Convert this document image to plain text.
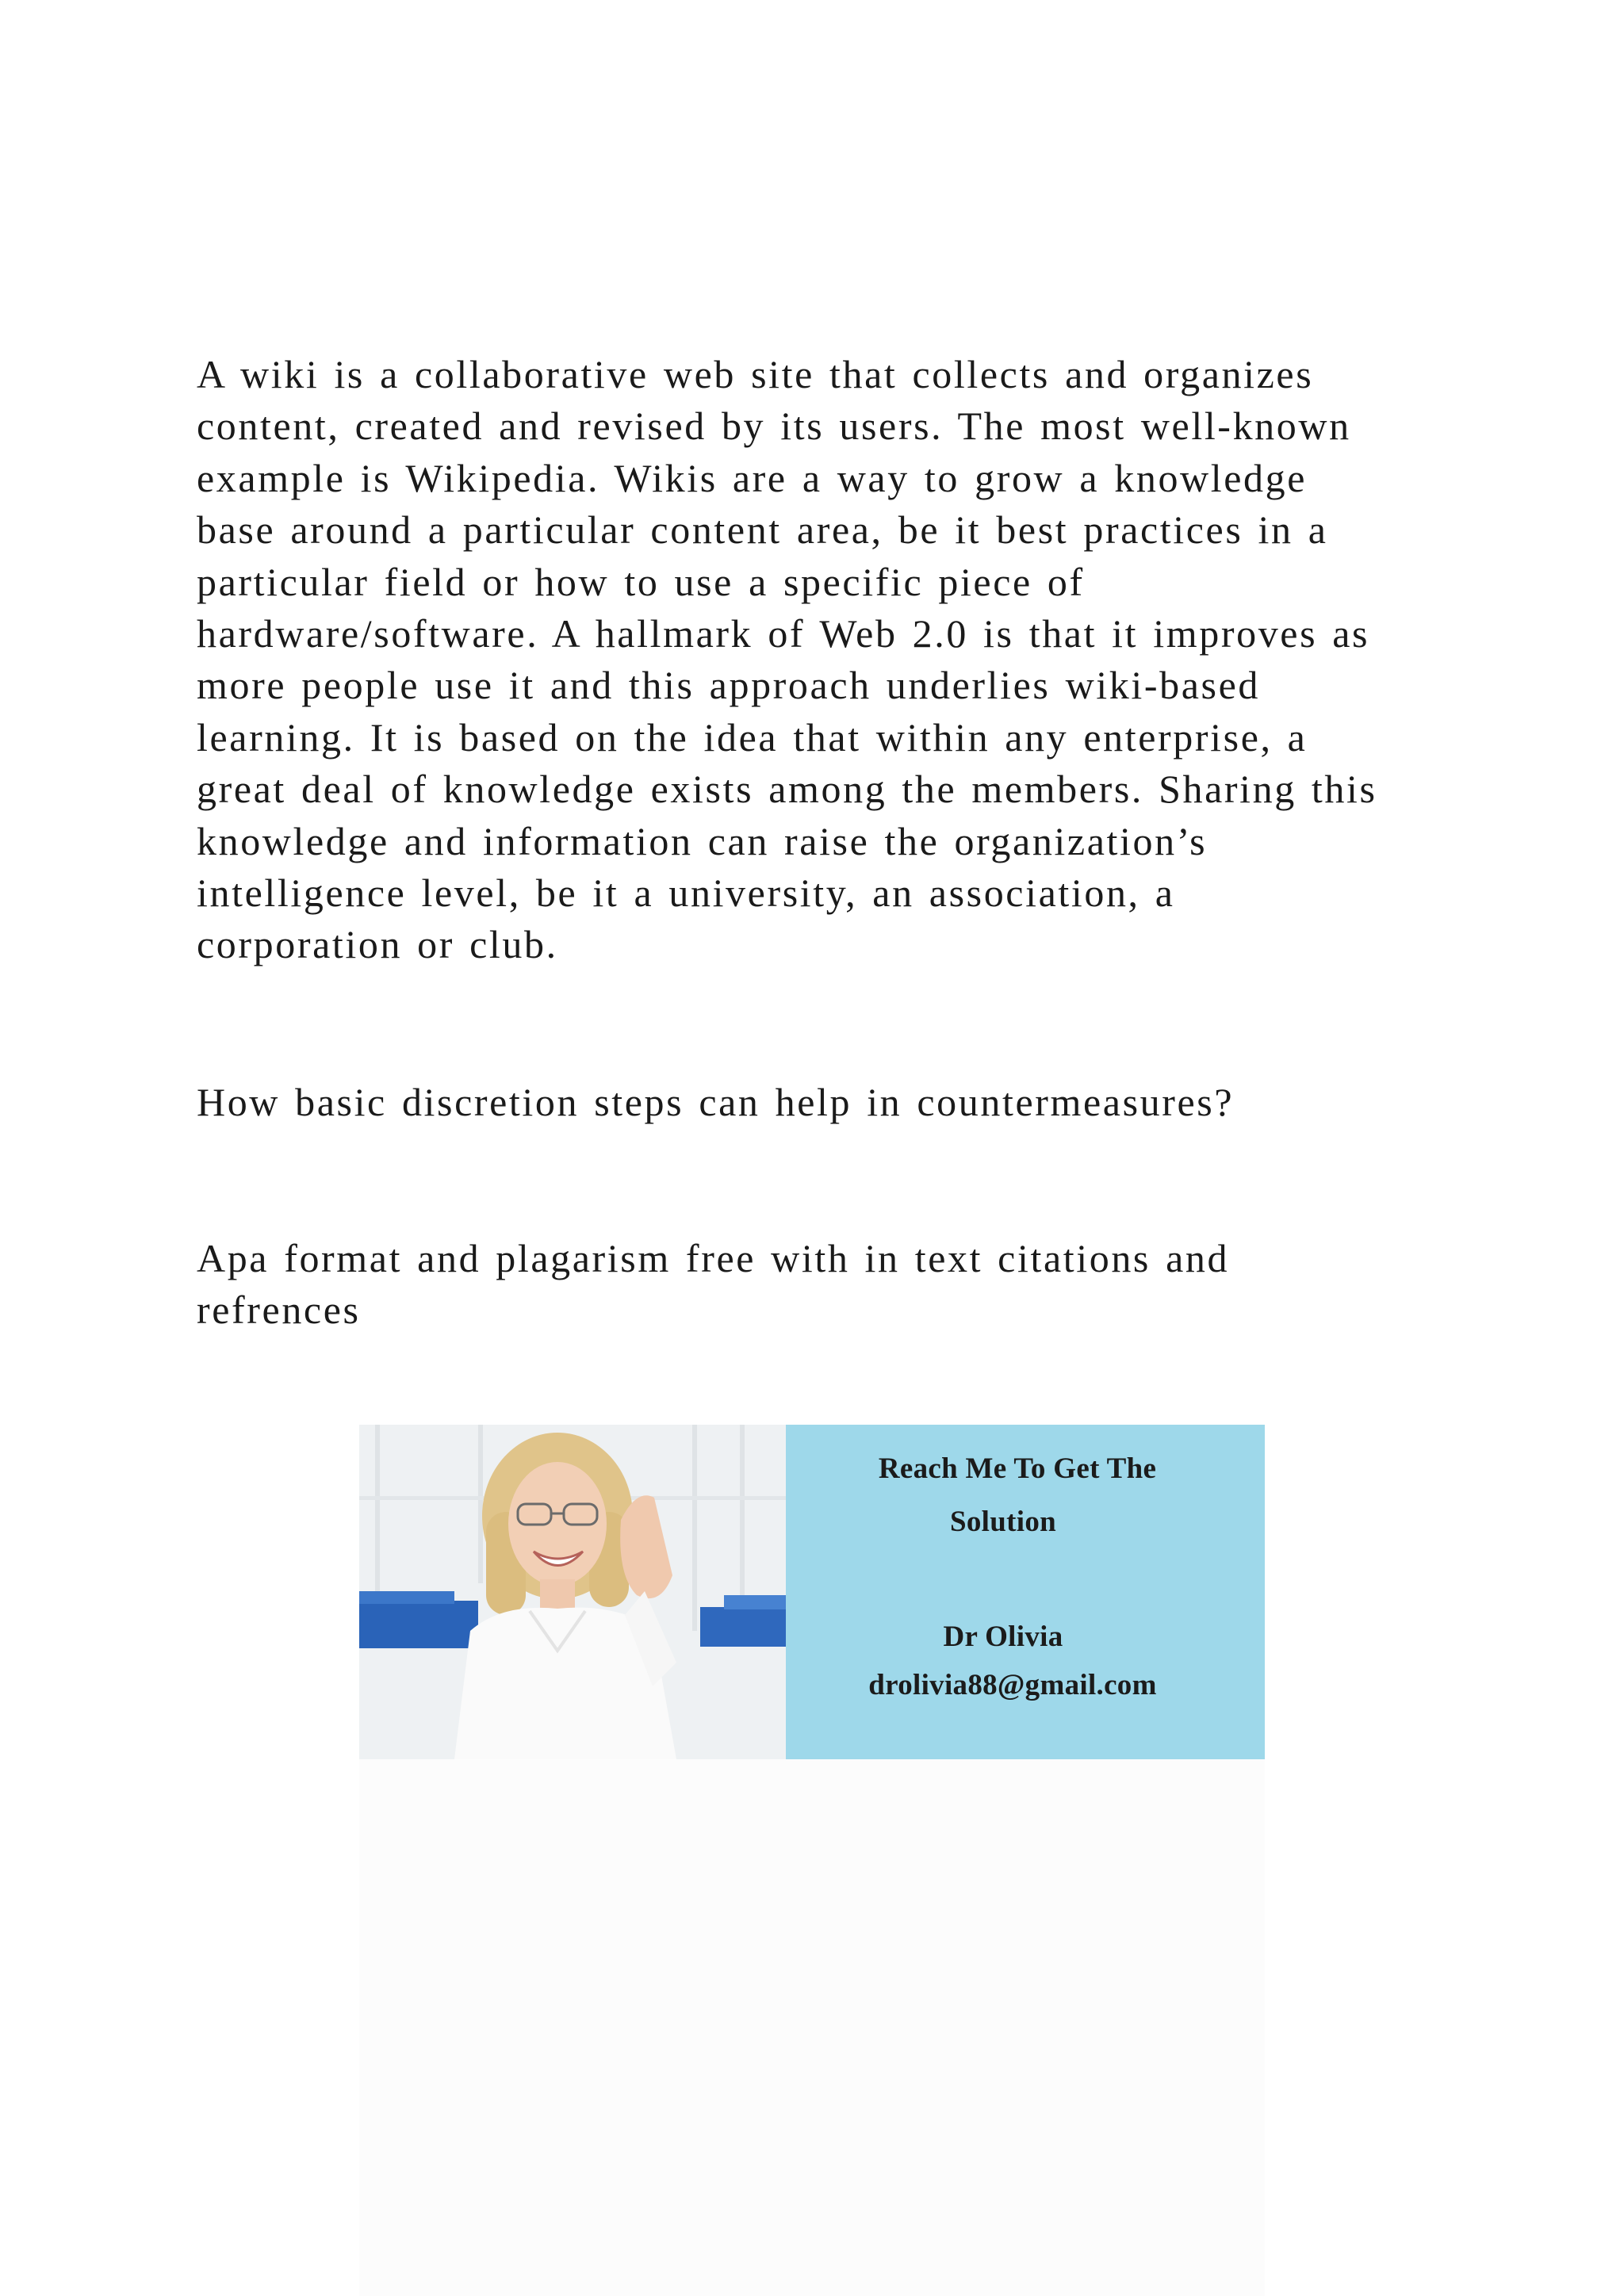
A wiki is a collaborative web site that collects and organizes
content, created and revised by its users. The most well-known
example is Wikipedia. Wikis are a way to grow a knowledge
base around a particular content area, be it best practices in a
particular field or how to use a specific piece of
hardware/software. A hallmark of Web 2.0 is that it improves as
more people use it and this approach underlies wiki-based
learning. It is based on the idea that within any enterprise, a
great deal of knowledge exists among the members. Sharing this
knowledge and information can raise the organization’s
intelligence level, be it a university, an association, a
corporation or club.
How basic discretion steps can help in countermeasures?
Apa format and plagarism free with in text citations and
refrences
Reach Me To Get The
Solution
Dr Olivia
drolivia88@gmail.com
